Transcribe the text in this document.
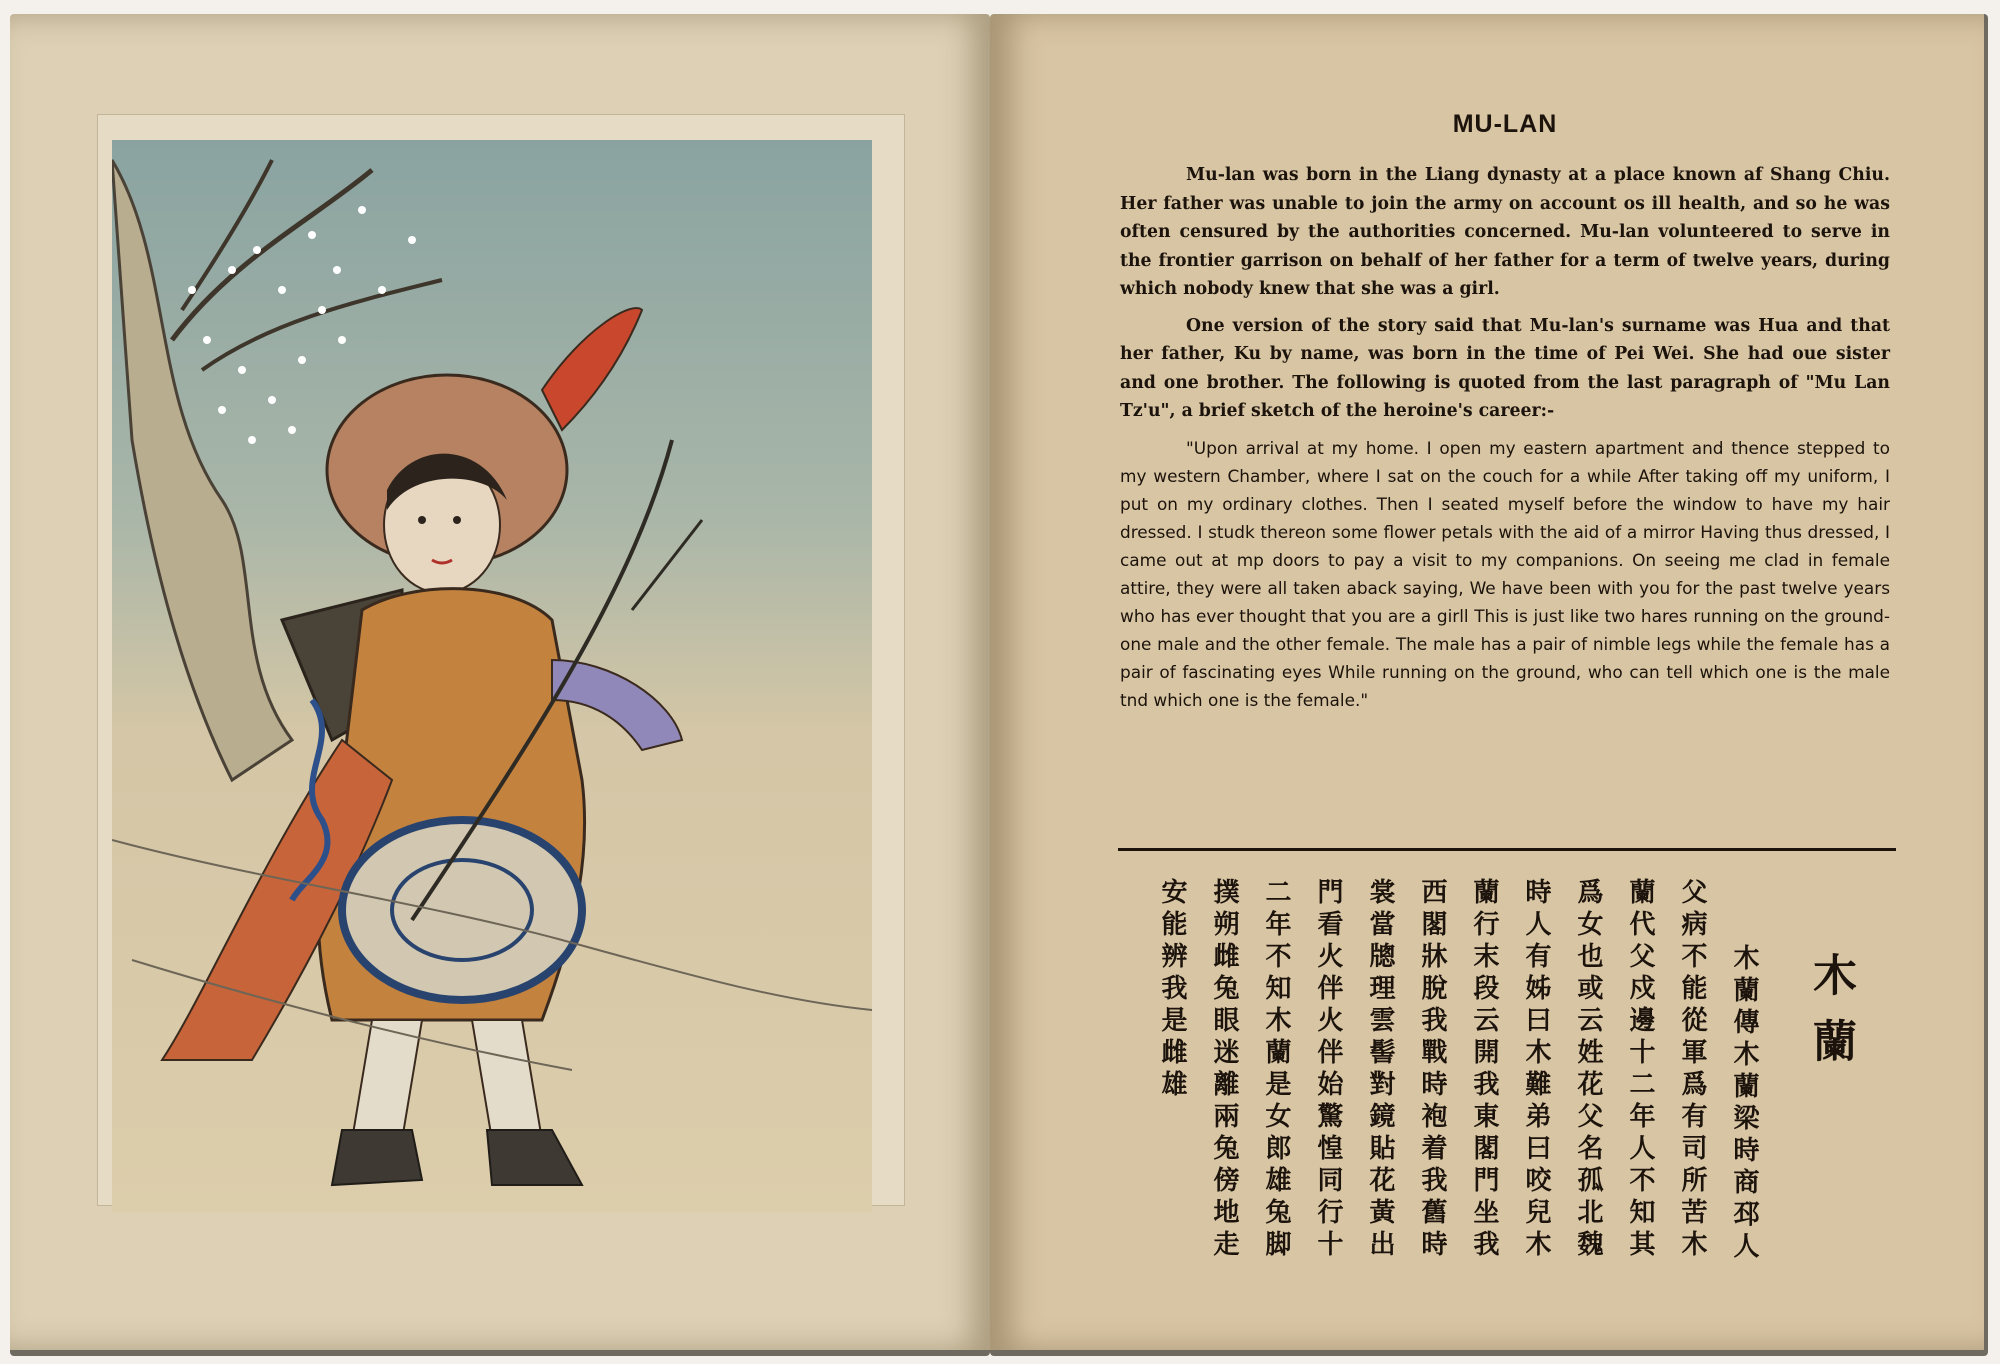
MU-LAN

Mu-lan was born in the Liang dynasty at a place known af Shang Chiu. Her father was unable to join the army on account os ill health, and so he was often censured by the authorities concerned. Mu-lan volunteered to serve in the frontier garrison on behalf of her father for a term of twelve years, during which nobody knew that she was a girl.

One version of the story said that Mu-lan's surname was Hua and that her father, Ku by name, was born in the time of Pei Wei. She had oue sister and one brother. The following is quoted from the last paragraph of "Mu Lan Tz'u", a brief sketch of the heroine's career:-

"Upon arrival at my home. I open my eastern apartment and thence stepped to my western Chamber, where I sat on the couch for a while After taking off my uniform, I put on my ordinary clothes. Then I seated myself before the window to have my hair dressed. I studk thereon some flower petals with the aid of a mirror Having thus dressed, I came out at mp doors to pay a visit to my companions. On seeing me clad in female attire, they were all taken aback saying, We have been with you for the past twelve years who has ever thought that you are a girll This is just like two hares running on the ground- one male and the other female. The male has a pair of nimble legs while the female has a pair of fascinating eyes While running on the ground, who can tell which one is the male tnd which one is the female."

木蘭
木蘭傳木蘭梁時商邳人
父病不能從軍爲有司所苦木
蘭代父戍邊十二年人不知其
爲女也或云姓花父名孤北魏
時人有姊曰木難弟曰咬兒木
蘭行末段云開我東閣門坐我
西閣牀脫我戰時袍着我舊時
裳當牕理雲髻對鏡貼花黃出
門看火伴火伴始驚惶同行十
二年不知木蘭是女郎雄兔脚
撲朔雌兔眼迷離兩兔傍地走
安能辨我是雌雄
